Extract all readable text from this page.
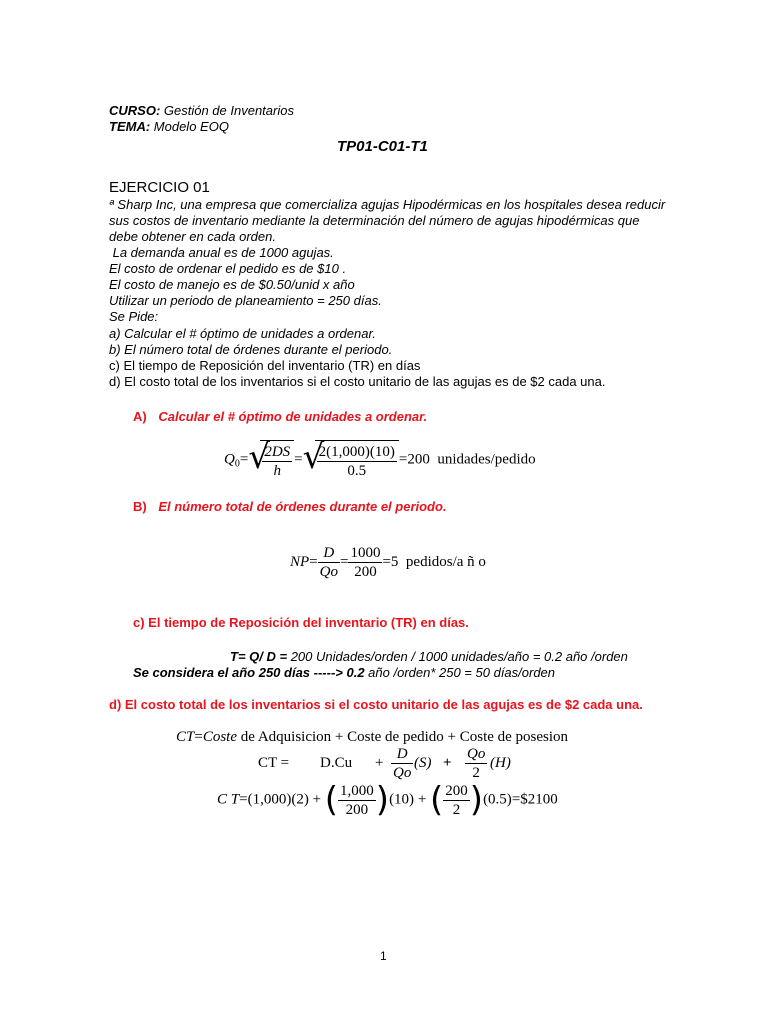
CURSO: Gestión de Inventarios
TEMA: Modelo EOQ
TP01-C01-T1
EJERCICIO 01
ª Sharp Inc, una empresa que comercializa agujas Hipodérmicas en los hospitales desea reducir
sus costos de inventario mediante la determinación del número de agujas hipodérmicas que
debe obtener en cada orden.
La demanda anual es de 1000 agujas.
El costo de ordenar el pedido es de $10 .
El costo de manejo es de $0.50/unid x año
Utilizar un periodo de planeamiento = 250 días.
Se Pide:
a) Calcular el # óptimo de unidades a ordenar.
b) El número total de órdenes durante el periodo.
c) El tiempo de Reposición del inventario (TR) en días
d) El costo total de los inventarios si el costo unitario de las agujas es de $2 cada una.
A) Calcular el # óptimo de unidades a ordenar.
$Q_0=$ √
$\frac{2DS}{h}$ = √
$\frac{2(1,000)(10)}{0.5} =200$  unidades/pedido
B) El número total de órdenes durante el periodo.
$NP= \frac{D}{Qo} = \frac{1000}{200} =5$  pedidos/a ñ o
c) El tiempo de Reposición del inventario (TR) en días.
T= Q/ D = 200 Unidades/orden / 1000 unidades/año = 0.2 año /orden
Se considera el año 250 días -----> 0.2 año /orden* 250 = 50 días/orden
d) El costo total de los inventarios si el costo unitario de las agujas es de $2 cada una.
CT=Coste de Adquisicion + Coste de pedido + Coste de posesion
CT = $D.Cu + \frac{D}{Qo} (S) + \frac{Qo}{2} (H)$
C T=(1,000)(2) + ( $\frac{1,000}{200} )(10)$ + ( $\frac{200}{2}$ )(0.5)=$2100
1
